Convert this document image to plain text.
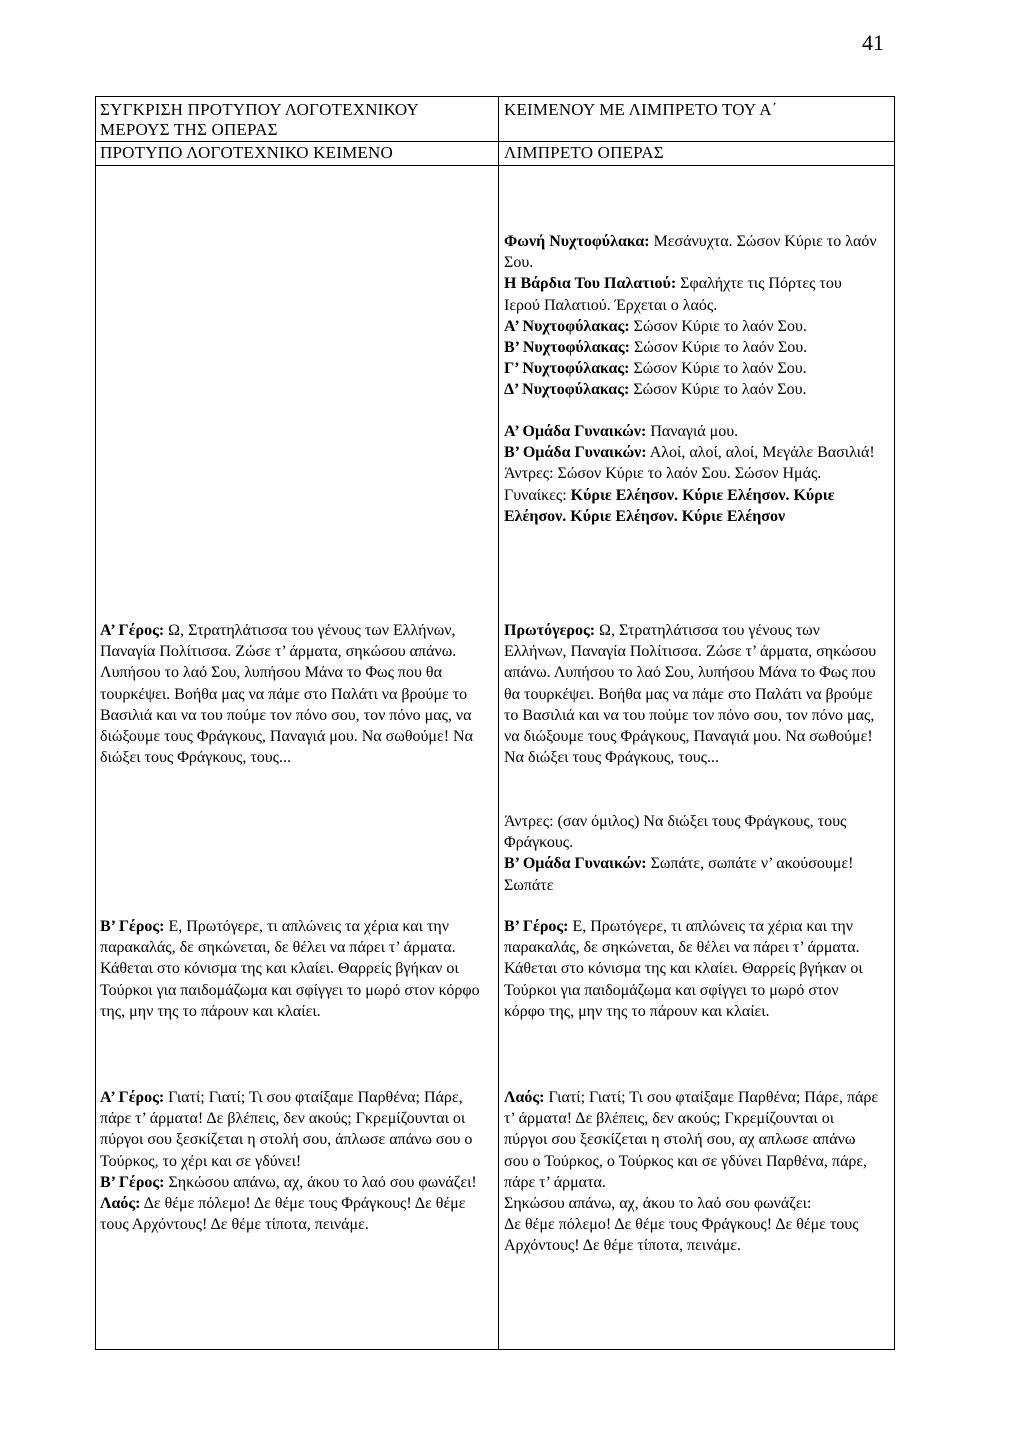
41
ΣΥΓΚΡΙΣΗ ΠΡΟΤΥΠΟΥ ΛΟΓΟΤΕΧΝΙΚΟΥ ΜΕΡΟΥΣ ΤΗΣ ΟΠΕΡΑΣ
ΚΕΙΜΕΝΟΥ ΜΕ ΛΙΜΠΡΕΤΟ ΤΟΥ Α΄
ΠΡΟΤΥΠΟ ΛΟΓΟΤΕΧΝΙΚΟ ΚΕΙΜΕΝΟ	ΛΙΜΠΡΕΤΟ ΟΠΕΡΑΣ

Φωνή Νυχτοφύλακα: Μεσάνυχτα. Σώσον Κύριε το λαόν Σου.

Η Βάρδια Του Παλατιού: Σφαλήχτε τις Πόρτες του Ιερού Παλατιού. Έρχεται ο λαός.

Α’ Νυχτοφύλακας: Σώσον Κύριε το λαόν Σου.

Β’ Νυχτοφύλακας: Σώσον Κύριε το λαόν Σου.

Γ’ Νυχτοφύλακας: Σώσον Κύριε το λαόν Σου.

Δ’ Νυχτοφύλακας: Σώσον Κύριε το λαόν Σου.

Α’ Ομάδα Γυναικών: Παναγιά μου.

Β’ Ομάδα Γυναικών: Αλοί, αλοί, αλοί, Μεγάλε Βασιλιά!

Άντρες: Σώσον Κύριε το λαόν Σου. Σώσον Ημάς.

Γυναίκες: Κύριε Ελέησον. Κύριε Ελέησον. Κύριε Ελέησον. Κύριε Ελέησον. Κύριε Ελέησον

Πρωτόγερος: Ω, Στρατηλάτισσα του γένους των Ελλήνων, Παναγία Πολίτισσα. Ζώσε τ’ άρματα, σηκώσου απάνω. Λυπήσου το λαό Σου, λυπήσου Μάνα το Φως που θα τουρκέψει. Βοήθα μας να πάμε στο Παλάτι να βρούμε το Βασιλιά και να του πούμε τον πόνο σου, τον πόνο μας, να διώξουμε τους Φράγκους, Παναγιά μου. Να σωθούμε! Να διώξει τους Φράγκους, τους...

Άντρες: (σαν όμιλος) Να διώξει τους Φράγκους, τους Φράγκους.

Β’ Ομάδα Γυναικών: Σωπάτε, σωπάτε ν’ ακούσουμε! Σωπάτε

Β’ Γέρος: Ε, Πρωτόγερε, τι απλώνεις τα χέρια και την παρακαλάς, δε σηκώνεται, δε θέλει να πάρει τ’ άρματα. Κάθεται στο κόνισμα της και κλαίει. Θαρρείς βγήκαν οι Τούρκοι για παιδομάζωμα και σφίγγει το μωρό στον κόρφο της, μην της το πάρουν και κλαίει.

Λαός: Γιατί; Γιατί; Τι σου φταίξαμε Παρθένα; Πάρε, πάρε τ’ άρματα! Δε βλέπεις, δεν ακούς; Γκρεμίζουνται οι πύργοι σου ξεσκίζεται η στολή σου, αχ απλωσε απάνω σου ο Τούρκος, ο Τούρκος και σε γδύνει Παρθένα, πάρε, πάρε τ’ άρματα.

Σηκώσου απάνω, αχ, άκου το λαό σου φωνάζει:

Δε θέμε πόλεμο! Δε θέμε τους Φράγκους! Δε θέμε τους Αρχόντους! Δε θέμε τίποτα, πεινάμε.

Α’ Γέρος: Ω, Στρατηλάτισσα του γένους των Ελλήνων, Παναγία Πολίτισσα. Ζώσε τ’ άρματα, σηκώσου απάνω. Λυπήσου το λαό Σου, λυπήσου Μάνα το Φως που θα τουρκέψει. Βοήθα μας να πάμε στο Παλάτι να βρούμε το Βασιλιά και να του πούμε τον πόνο σου, τον πόνο μας, να διώξουμε τους Φράγκους, Παναγιά μου. Να σωθούμε! Να διώξει τους Φράγκους, τους...

Β’ Γέρος: Ε, Πρωτόγερε, τι απλώνεις τα χέρια και την παρακαλάς, δε σηκώνεται, δε θέλει να πάρει τ’ άρματα. Κάθεται στο κόνισμα της και κλαίει. Θαρρείς βγήκαν οι Τούρκοι για παιδομάζωμα και σφίγγει το μωρό στον κόρφο της, μην της το πάρουν και κλαίει.

Α’ Γέρος: Γιατί; Γιατί; Τι σου φταίξαμε Παρθένα; Πάρε, πάρε τ’ άρματα! Δε βλέπεις, δεν ακούς; Γκρεμίζουνται οι πύργοι σου ξεσκίζεται η στολή σου, άπλωσε απάνω σου ο Τούρκος, το χέρι και σε γδύνει!

Β’ Γέρος: Σηκώσου απάνω, αχ, άκου το λαό σου φωνάζει!

Λαός: Δε θέμε πόλεμο! Δε θέμε τους Φράγκους! Δε θέμε τους Αρχόντους! Δε θέμε τίποτα, πεινάμε.
